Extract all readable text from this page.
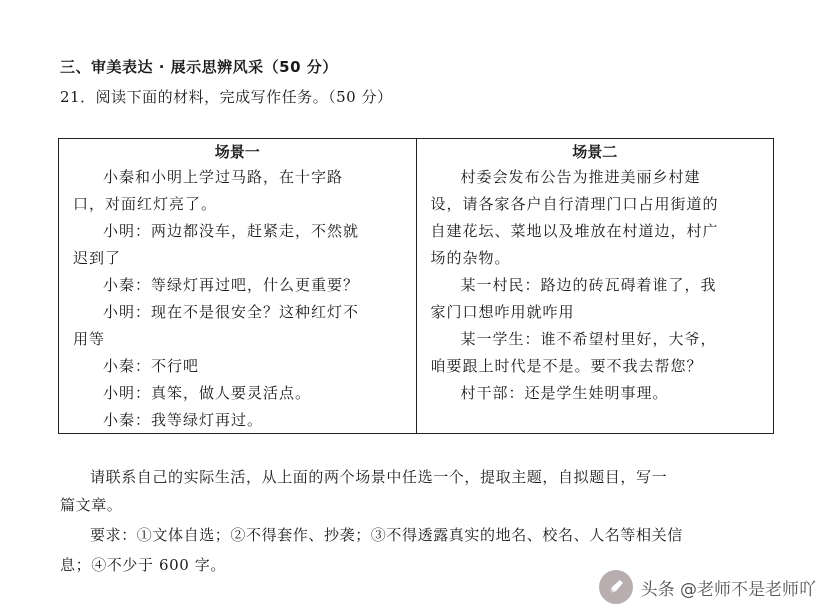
三、审美表达 · 展示思辨风采（50 分）
21．阅读下面的材料，完成写作任务。（50 分）
场景一
小秦和小明上学过马路，在十字路
口，对面红灯亮了。
小明：两边都没车，赶紧走，不然就
迟到了
小秦：等绿灯再过吧，什么更重要？
小明：现在不是很安全？这种红灯不
用等
小秦：不行吧
小明：真笨，做人要灵活点。
小秦：我等绿灯再过。
场景二
村委会发布公告为推进美丽乡村建
设，请各家各户自行清理门口占用街道的
自建花坛、菜地以及堆放在村道边，村广
场的杂物。
某一村民：路边的砖瓦碍着谁了，我
家门口想咋用就咋用
某一学生：谁不希望村里好，大爷，
咱要跟上时代是不是。要不我去帮您？
村干部：还是学生娃明事理。
请联系自己的实际生活，从上面的两个场景中任选一个，提取主题，自拟题目，写一
篇文章。
要求：①文体自选；②不得套作、抄袭；③不得透露真实的地名、校名、人名等相关信
息；④不少于 600 字。
头条 @老师不是老师吖
